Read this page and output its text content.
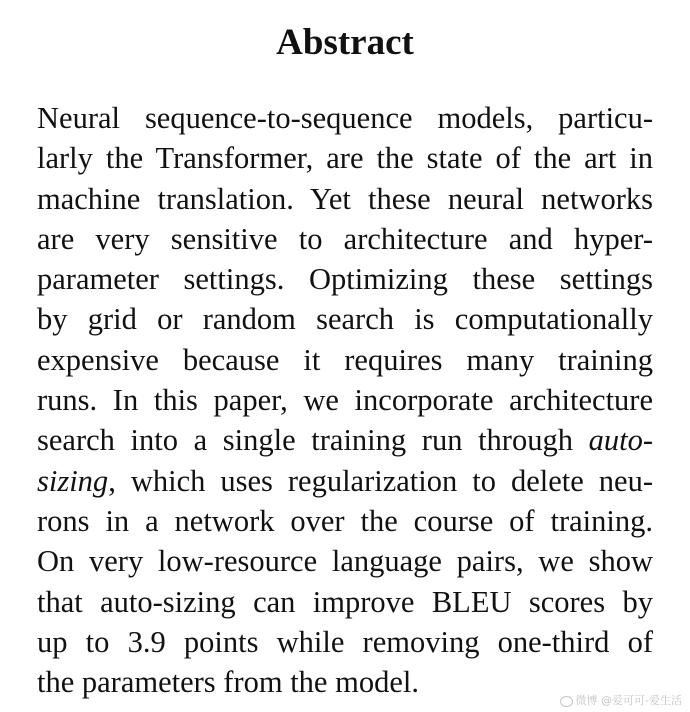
Abstract
Neural sequence-to-sequence models, particu-
larly the Transformer, are the state of the art in
machine translation. Yet these neural networks
are very sensitive to architecture and hyper-
parameter settings. Optimizing these settings
by grid or random search is computationally
expensive because it requires many training
runs. In this paper, we incorporate architecture
search into a single training run through auto-
sizing, which uses regularization to delete neu-
rons in a network over the course of training.
On very low-resource language pairs, we show
that auto-sizing can improve BLEU scores by
up to 3.9 points while removing one-third of
the parameters from the model.
微博 @爱可可-爱生活
